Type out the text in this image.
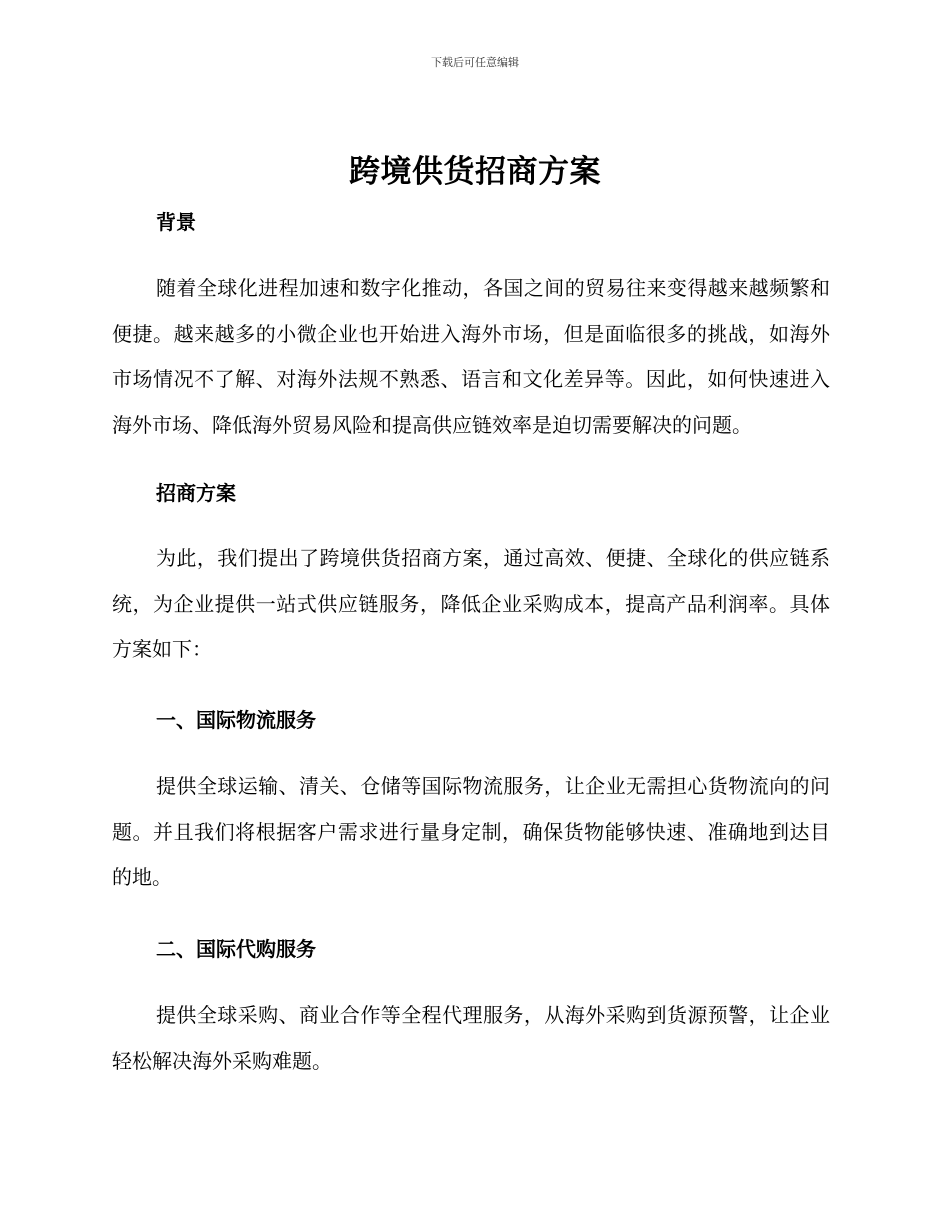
下载后可任意编辑
跨境供货招商方案
背景

随着全球化进程加速和数字化推动，各国之间的贸易往来变得越来越频繁和便捷。越来越多的小微企业也开始进入海外市场，但是面临很多的挑战，如海外市场情况不了解、对海外法规不熟悉、语言和文化差异等。因此，如何快速进入海外市场、降低海外贸易风险和提高供应链效率是迫切需要解决的问题。

招商方案

为此，我们提出了跨境供货招商方案，通过高效、便捷、全球化的供应链系统，为企业提供一站式供应链服务，降低企业采购成本，提高产品利润率。具体方案如下：

一、国际物流服务

提供全球运输、清关、仓储等国际物流服务，让企业无需担心货物流向的问题。并且我们将根据客户需求进行量身定制，确保货物能够快速、准确地到达目的地。

二、国际代购服务

提供全球采购、商业合作等全程代理服务，从海外采购到货源预警，让企业轻松解决海外采购难题。
